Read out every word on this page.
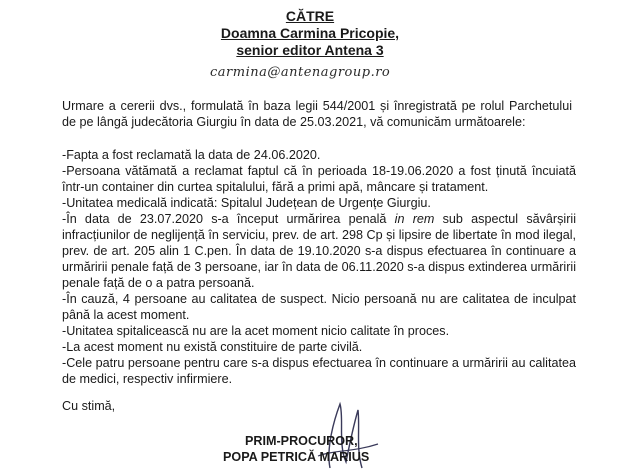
CĂTRE
Doamna Carmina Pricopie,
senior editor Antena 3
carmina@antenagroup.ro
Urmare a cererii dvs., formulată în baza legii 544/2001 și înregistrată pe rolul Parchetului de pe lângă judecătoria Giurgiu în data de 25.03.2021, vă comunicăm următoarele:

-Fapta a fost reclamată la data de 24.06.2020.

-Persoana vătămată a reclamat faptul că în perioada 18-19.06.2020 a fost ținută încuiată într-un container din curtea spitalului, fără a primi apă, mâncare și tratament.

-Unitatea medicală indicată: Spitalul Județean de Urgențe Giurgiu.

-În data de 23.07.2020 s-a început urmărirea penală in rem sub aspectul săvârșirii infracțiunilor de neglijență în serviciu, prev. de art. 298 Cp și lipsire de libertate în mod ilegal, prev. de art. 205 alin 1 C.pen. În data de 19.10.2020 s-a dispus efectuarea în continuare a urmăririi penale față de 3 persoane, iar în data de 06.11.2020 s-a dispus extinderea urmăririi penale față de o a patra persoană.

-În cauză, 4 persoane au calitatea de suspect. Nicio persoană nu are calitatea de inculpat până la acest moment.

-Unitatea spitalicească nu are la acet moment nicio calitate în proces.

-La acest moment nu există constituire de parte civilă.

-Cele patru persoane pentru care s-a dispus efectuarea în continuare a urmăririi au calitatea de medici, respectiv infirmiere.

Cu stimă,
PRIM-PROCUROR,
POPA PETRICĂ MARIUS
